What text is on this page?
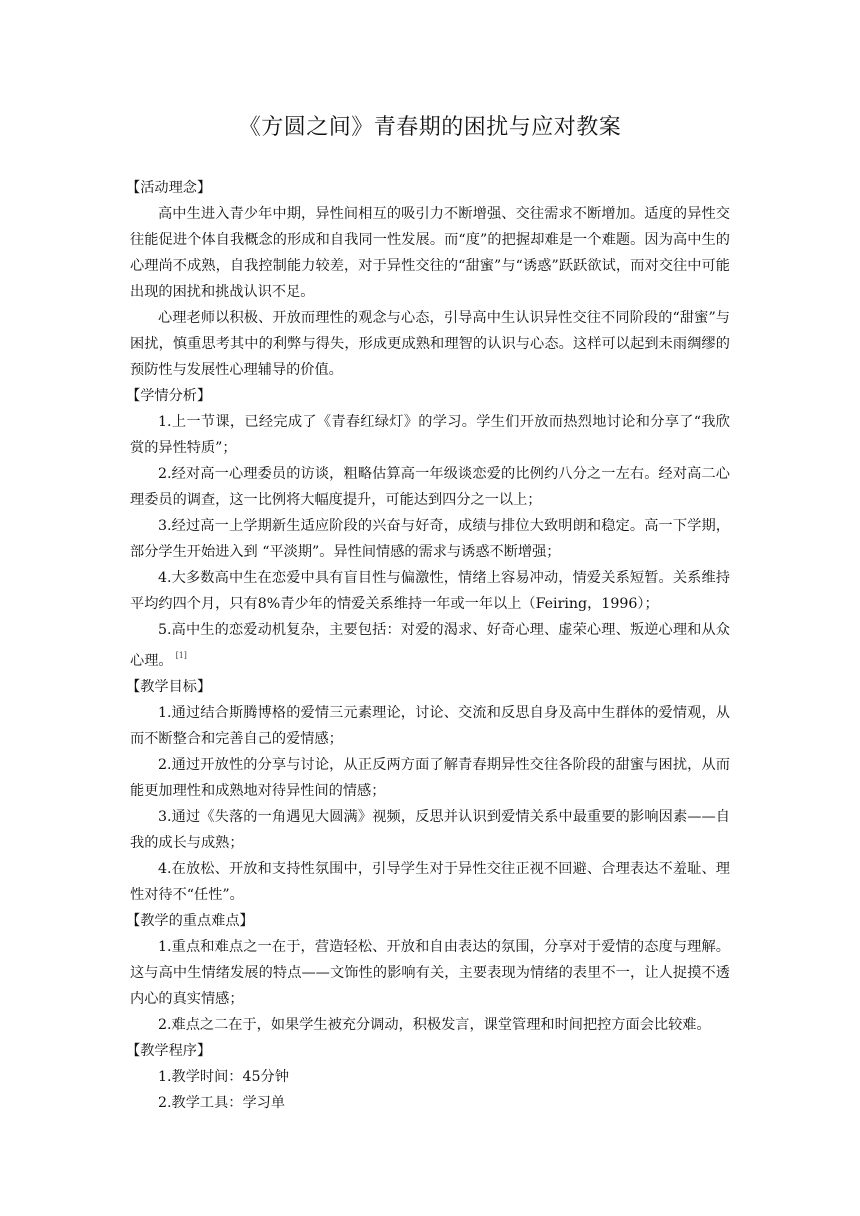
《方圆之间》青春期的困扰与应对教案
【活动理念】
高中生进入青少年中期，异性间相互的吸引力不断增强、交往需求不断增加。适度的异性交往能促进个体自我概念的形成和自我同一性发展。而“度”的把握却难是一个难题。因为高中生的心理尚不成熟，自我控制能力较差，对于异性交往的“甜蜜”与“诱惑”跃跃欲试，而对交往中可能出现的困扰和挑战认识不足。
心理老师以积极、开放而理性的观念与心态，引导高中生认识异性交往不同阶段的“甜蜜”与困扰，慎重思考其中的利弊与得失，形成更成熟和理智的认识与心态。这样可以起到未雨绸缪的预防性与发展性心理辅导的价值。
【学情分析】
1.上一节课，已经完成了《青春红绿灯》的学习。学生们开放而热烈地讨论和分享了“我欣赏的异性特质”；
2.经对高一心理委员的访谈，粗略估算高一年级谈恋爱的比例约八分之一左右。经对高二心理委员的调查，这一比例将大幅度提升，可能达到四分之一以上；
3.经过高一上学期新生适应阶段的兴奋与好奇，成绩与排位大致明朗和稳定。高一下学期，部分学生开始进入到 “平淡期”。异性间情感的需求与诱惑不断增强；
4.大多数高中生在恋爱中具有盲目性与偏激性，情绪上容易冲动，情爱关系短暂。关系维持平均约四个月，只有8%青少年的情爱关系维持一年或一年以上（Feiring，1996）；
5.高中生的恋爱动机复杂，主要包括：对爱的渴求、好奇心理、虚荣心理、叛逆心理和从众心理。 [1]
【教学目标】
1.通过结合斯腾博格的爱情三元素理论，讨论、交流和反思自身及高中生群体的爱情观，从而不断整合和完善自己的爱情感；
2.通过开放性的分享与讨论，从正反两方面了解青春期异性交往各阶段的甜蜜与困扰，从而能更加理性和成熟地对待异性间的情感；
3.通过《失落的一角遇见大圆满》视频，反思并认识到爱情关系中最重要的影响因素——自我的成长与成熟；
4.在放松、开放和支持性氛围中，引导学生对于异性交往正视不回避、合理表达不羞耻、理性对待不“任性”。
【教学的重点难点】
1.重点和难点之一在于，营造轻松、开放和自由表达的氛围，分享对于爱情的态度与理解。这与高中生情绪发展的特点——文饰性的影响有关，主要表现为情绪的表里不一，让人捉摸不透内心的真实情感；
2.难点之二在于，如果学生被充分调动，积极发言，课堂管理和时间把控方面会比较难。
【教学程序】
1.教学时间：45分钟
2.教学工具：学习单
